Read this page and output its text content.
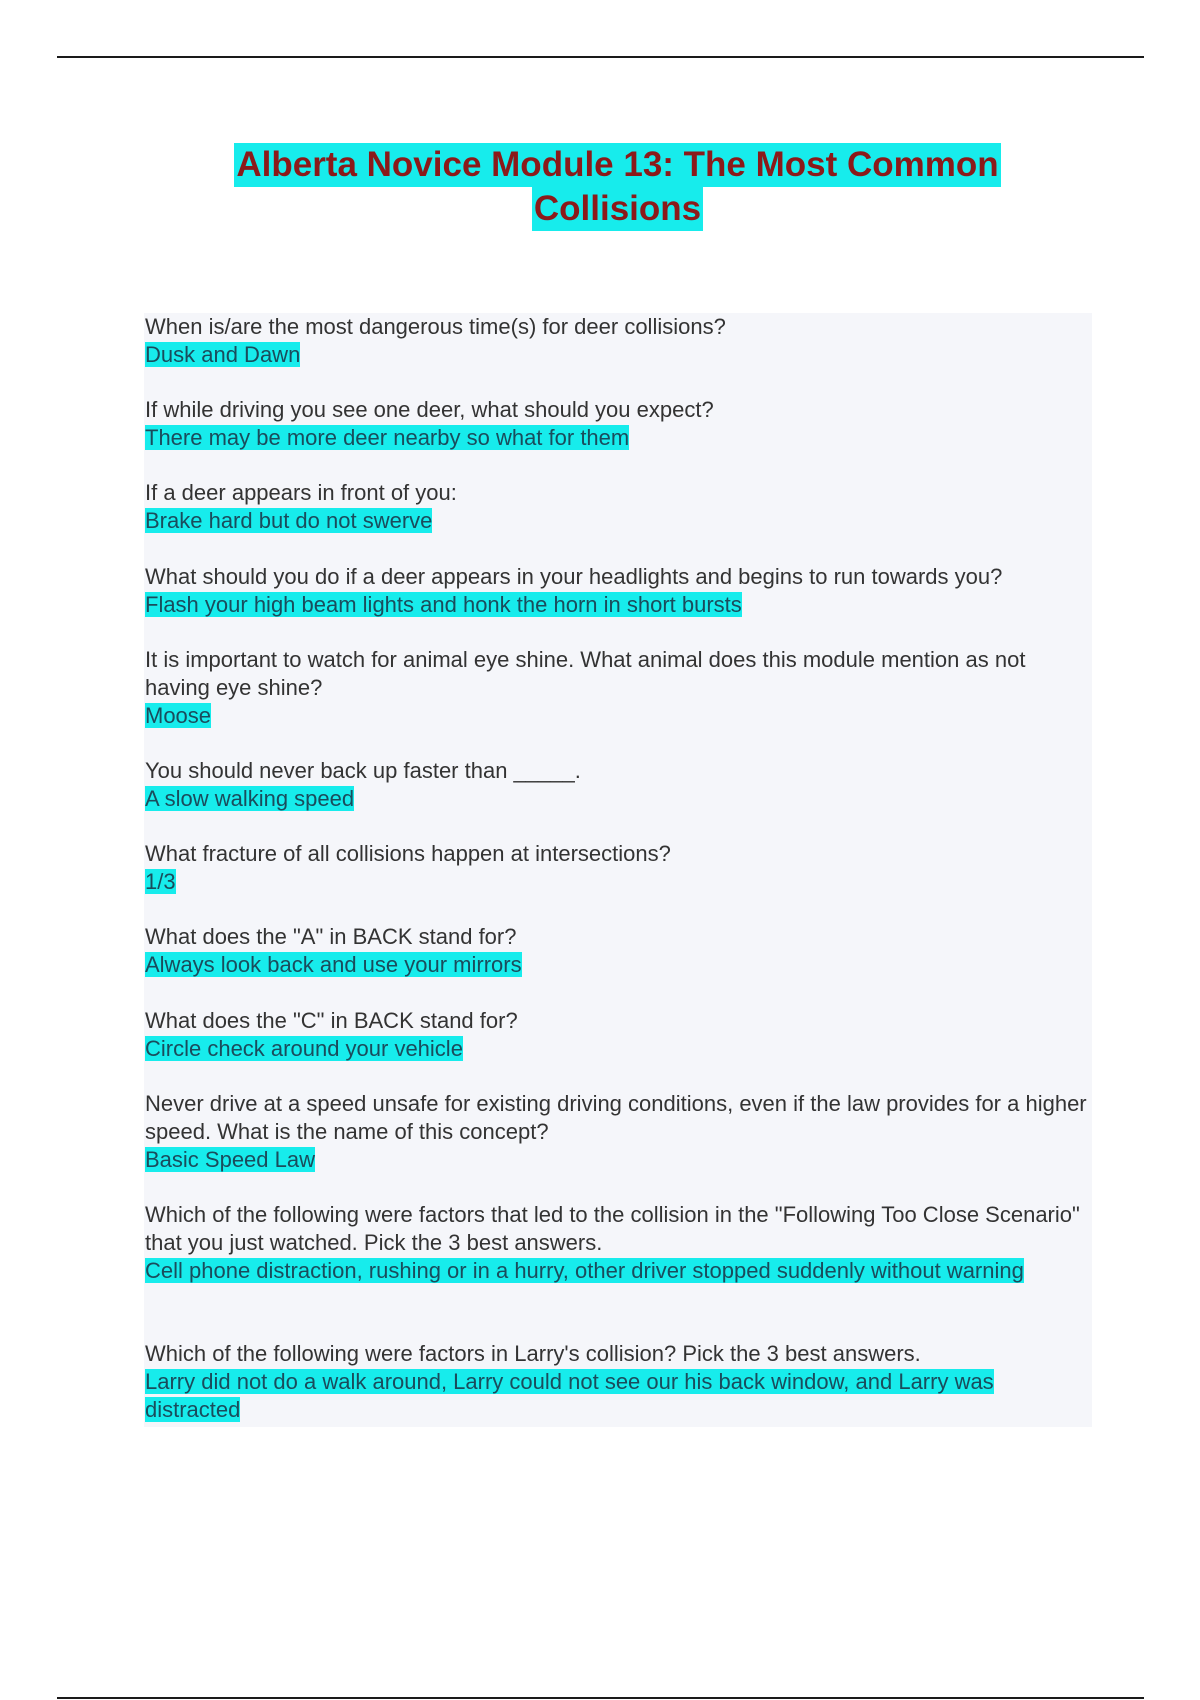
Alberta Novice Module 13: The Most Common
Collisions

When is/are the most dangerous time(s) for deer collisions?

Dusk and Dawn

If while driving you see one deer, what should you expect?

There may be more deer nearby so what for them

If a deer appears in front of you:

Brake hard but do not swerve

What should you do if a deer appears in your headlights and begins to run towards you?

Flash your high beam lights and honk the horn in short bursts

It is important to watch for animal eye shine. What animal does this module mention as not having eye shine?

Moose

You should never back up faster than _____.

A slow walking speed

What fracture of all collisions happen at intersections?

1/3

What does the "A" in BACK stand for?

Always look back and use your mirrors

What does the "C" in BACK stand for?

Circle check around your vehicle

Never drive at a speed unsafe for existing driving conditions, even if the law provides for a higher speed. What is the name of this concept?

Basic Speed Law

Which of the following were factors that led to the collision in the "Following Too Close Scenario" that you just watched. Pick the 3 best answers.

Cell phone distraction, rushing or in a hurry, other driver stopped suddenly without warning

Which of the following were factors in Larry's collision? Pick the 3 best answers.

Larry did not do a walk around, Larry could not see our his back window, and Larry was distracted
